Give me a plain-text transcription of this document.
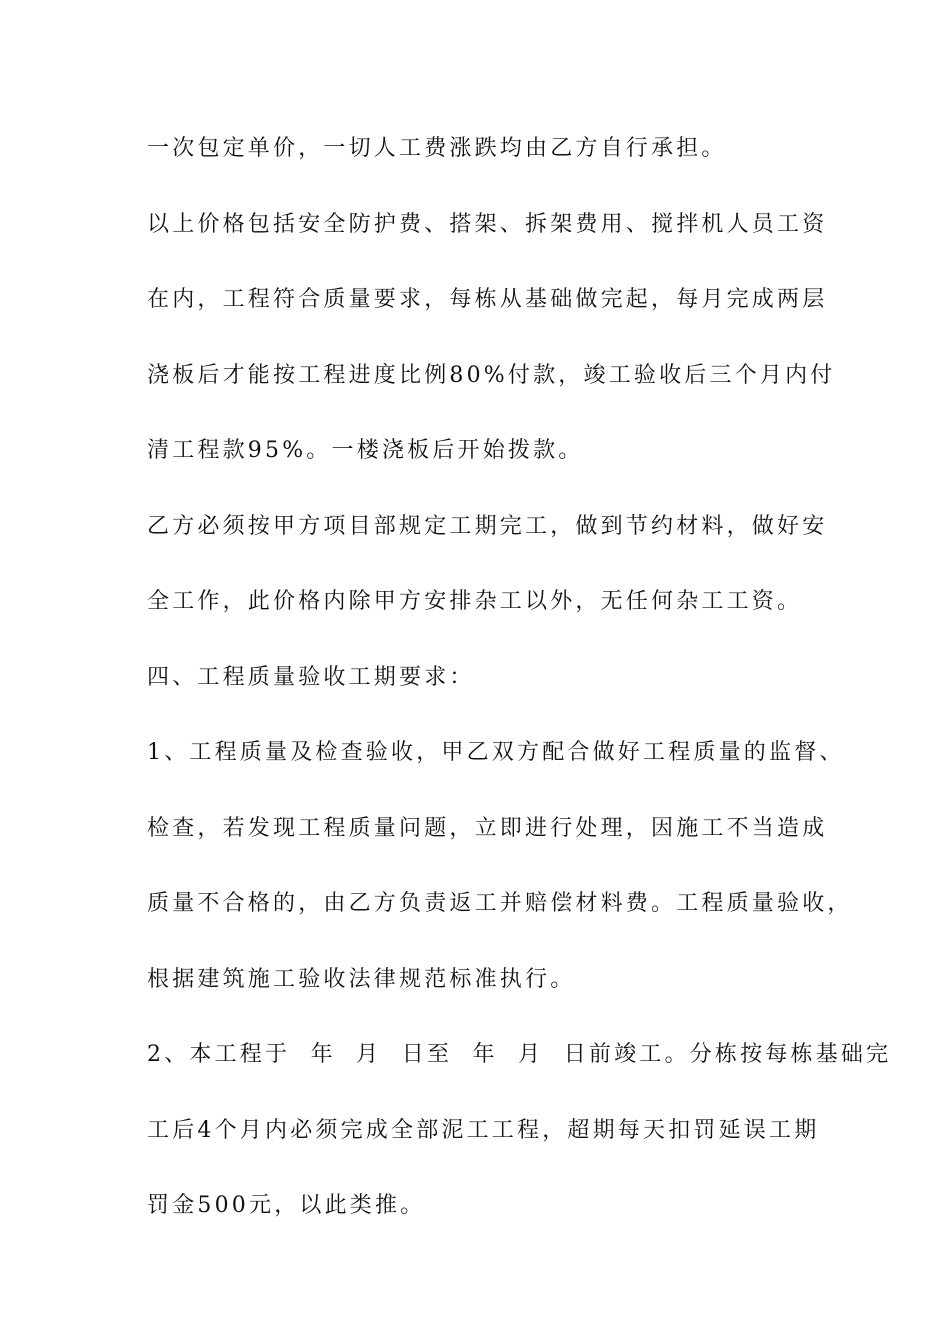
一次包定单价，一切人工费涨跌均由乙方自行承担。
以上价格包括安全防护费、搭架、拆架费用、搅拌机人员工资
在内，工程符合质量要求，每栋从基础做完起，每月完成两层
浇板后才能按工程进度比例80%付款，竣工验收后三个月内付
清工程款95%。一楼浇板后开始拨款。
乙方必须按甲方项目部规定工期完工，做到节约材料，做好安
全工作，此价格内除甲方安排杂工以外，无任何杂工工资。
四、工程质量验收工期要求：
1、工程质量及检查验收，甲乙双方配合做好工程质量的监督、
检查，若发现工程质量问题，立即进行处理，因施工不当造成
质量不合格的，由乙方负责返工并赔偿材料费。工程质量验收，
根据建筑施工验收法律规范标准执行。
2、本工程于  年  月  日至  年  月  日前竣工。分栋按每栋基础完
工后4个月内必须完成全部泥工工程，超期每天扣罚延误工期
罚金500元，以此类推。
